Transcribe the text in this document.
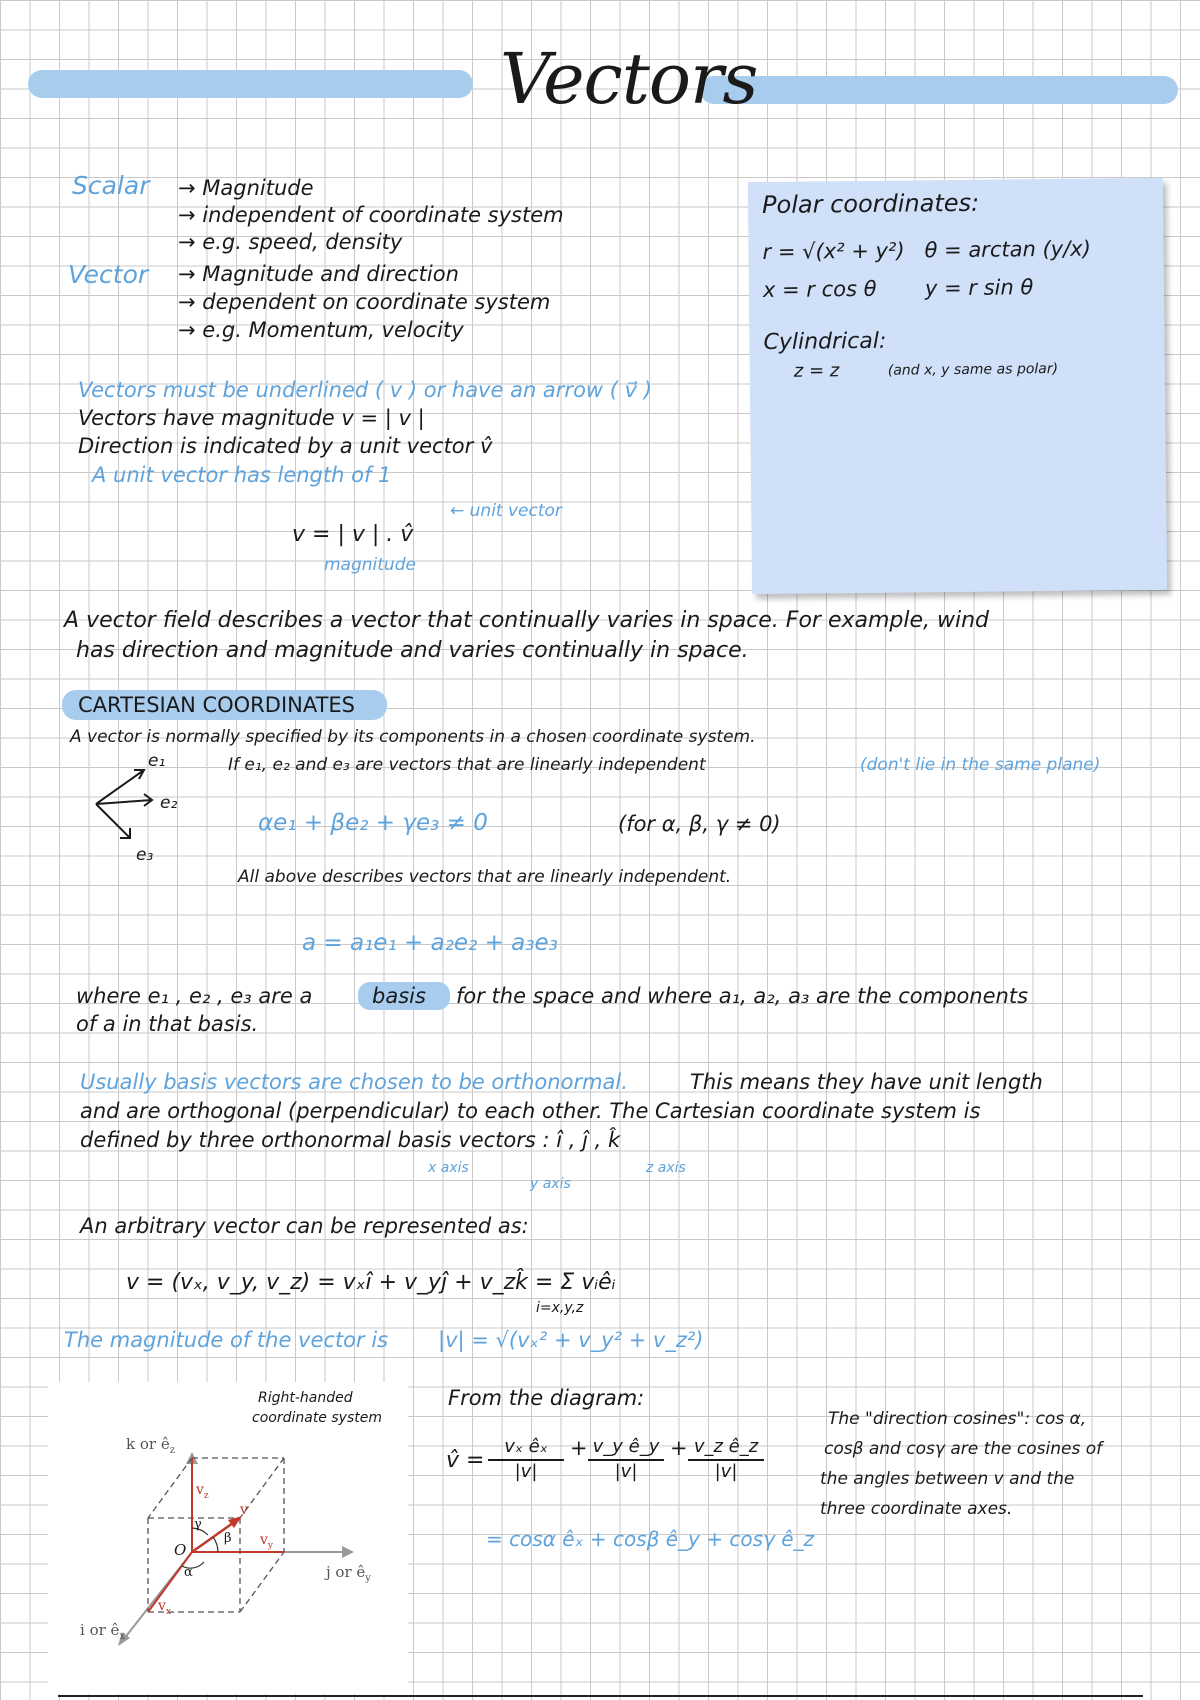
Vectors
Scalar → Magnitude
→ independent of coordinate system
→ e.g. speed, density
Vector → Magnitude and direction
→ dependent on coordinate system
→ e.g. Momentum, velocity
Polar coordinates:
r = √(x² + y²) θ = arctan (y/x)
x = r cos θ y = r sin θ
Cylindrical:
z = z	(and x, y same as polar)
Vectors must be underlined ( v ) or have an arrow ( v⃗ )
Vectors have magnitude v = | v |
Direction is indicated by a unit vector v̂
A unit vector has length of 1
v = | v | . v̂
← unit vector
magnitude
A vector field describes a vector that continually varies in space. For example, wind
has direction and magnitude and varies continually in space.
CARTESIAN COORDINATES
A vector is normally specified by its components in a chosen coordinate system.
e₁
e₂
e₃
If e₁, e₂ and e₃ are vectors that are linearly independent	(don't lie in the same plane)
αe₁ + βe₂ + γe₃ ≠ 0	(for α, β, γ ≠ 0)
All above describes vectors that are linearly independent.
a = a₁e₁ + a₂e₂ + a₃e₃
where e₁ , e₂ , e₃ are a	basis for the space and where a₁, a₂, a₃ are the components
of a in that basis.
Usually basis vectors are chosen to be orthonormal.	This means they have unit length
and are orthogonal (perpendicular) to each other. The Cartesian coordinate system is
defined by three orthonormal basis vectors : î , ĵ , k̂
x axis
y axis
z axis
An arbitrary vector can be represented as:
v = (vₓ, v_y, v_z) = vₓî + v_yĵ + v_zk̂ = Σ vᵢêᵢ
i=x,y,z
The magnitude of the vector is |v| = √(vₓ² + v_y² + v_z²)
k or $ê_z$
j or $ê_y$
i or $ê_x$
O
$v_z$
$v_y$
$v_x$
v
γ
β
α
Right-handed
coordinate system
From the diagram:
v̂ = $\frac{\text{vₓ êₓ}}{|v|} + \frac{\text{v\_y ê\_y}}{|v|} + \frac{\text{v\_z ê\_z}}{|v|}$
= cosα êₓ + cosβ ê_y + cosγ ê_z
The "direction cosines": cos α,
cosβ and cosγ are the cosines of
the angles between v and the
three coordinate axes.
